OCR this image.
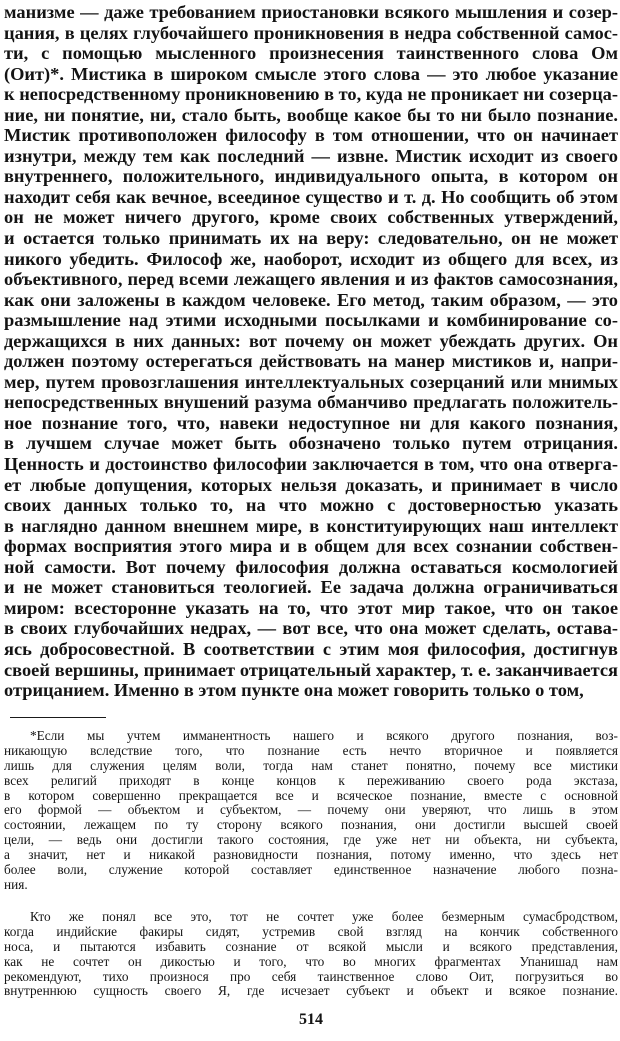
манизме — даже требованием приостановки всякого мышления и созер-
цания, в целях глубочайшего проникновения в недра собственной самос-
ти, с помощью мысленного произнесения таинственного слова Ом
(Оит)*. Мистика в широком смысле этого слова — это любое указание
к непосредственному проникновению в то, куда не проникает ни созерца-
ние, ни понятие, ни, стало быть, вообще какое бы то ни было познание.
Мистик противоположен философу в том отношении, что он начинает
изнутри, между тем как последний — извне. Мистик исходит из своего
внутреннего, положительного, индивидуального опыта, в котором он
находит себя как вечное, всеединое существо и т. д. Но сообщить об этом
он не может ничего другого, кроме своих собственных утверждений,
и остается только принимать их на веру: следовательно, он не может
никого убедить. Философ же, наоборот, исходит из общего для всех, из
объективного, перед всеми лежащего явления и из фактов самосознания,
как они заложены в каждом человеке. Его метод, таким образом, — это
размышление над этими исходными посылками и комбинирование со-
держащихся в них данных: вот почему он может убеждать других. Он
должен поэтому остерегаться действовать на манер мистиков и, напри-
мер, путем провозглашения интеллектуальных созерцаний или мнимых
непосредственных внушений разума обманчиво предлагать положитель-
ное познание того, что, навеки недоступное ни для какого познания,
в лучшем случае может быть обозначено только путем отрицания.
Ценность и достоинство философии заключается в том, что она отверга-
ет любые допущения, которых нельзя доказать, и принимает в число
своих данных только то, на что можно с достоверностью указать
в наглядно данном внешнем мире, в конституирующих наш интеллект
формах восприятия этого мира и в общем для всех сознании собствен-
ной самости. Вот почему философия должна оставаться космологией
и не может становиться теологией. Ее задача должна ограничиваться
миром: всесторонне указать на то, что этот мир такое, что он такое
в своих глубочайших недрах, — вот все, что она может сделать, остава-
ясь добросовестной. В соответствии с этим моя философия, достигнув
своей вершины, принимает отрицательный характер, т. е. заканчивается
отрицанием. Именно в этом пункте она может говорить только о том,
*Если мы учтем имманентность нашего и всякого другого познания, воз-
никающую вследствие того, что познание есть нечто вторичное и появляется
лишь для служения целям воли, тогда нам станет понятно, почему все мистики
всех религий приходят в конце концов к переживанию своего рода экстаза,
в котором совершенно прекращается все и всяческое познание, вместе с основной
его формой — объектом и субъектом, — почему они уверяют, что лишь в этом
состоянии, лежащем по ту сторону всякого познания, они достигли высшей своей
цели, — ведь они достигли такого состояния, где уже нет ни объекта, ни субъекта,
а значит, нет и никакой разновидности познания, потому именно, что здесь нет
более воли, служение которой составляет единственное назначение любого позна-
ния.
Кто же понял все это, тот не сочтет уже более безмерным сумасбродством,
когда индийские факиры сидят, устремив свой взгляд на кончик собственного
носа, и пытаются избавить сознание от всякой мысли и всякого представления,
как не сочтет он дикостью и того, что во многих фрагментах Упанишад нам
рекомендуют, тихо произнося про себя таинственное слово Оит, погрузиться во
внутреннюю сущность своего Я, где исчезает субъект и объект и всякое познание.
514
